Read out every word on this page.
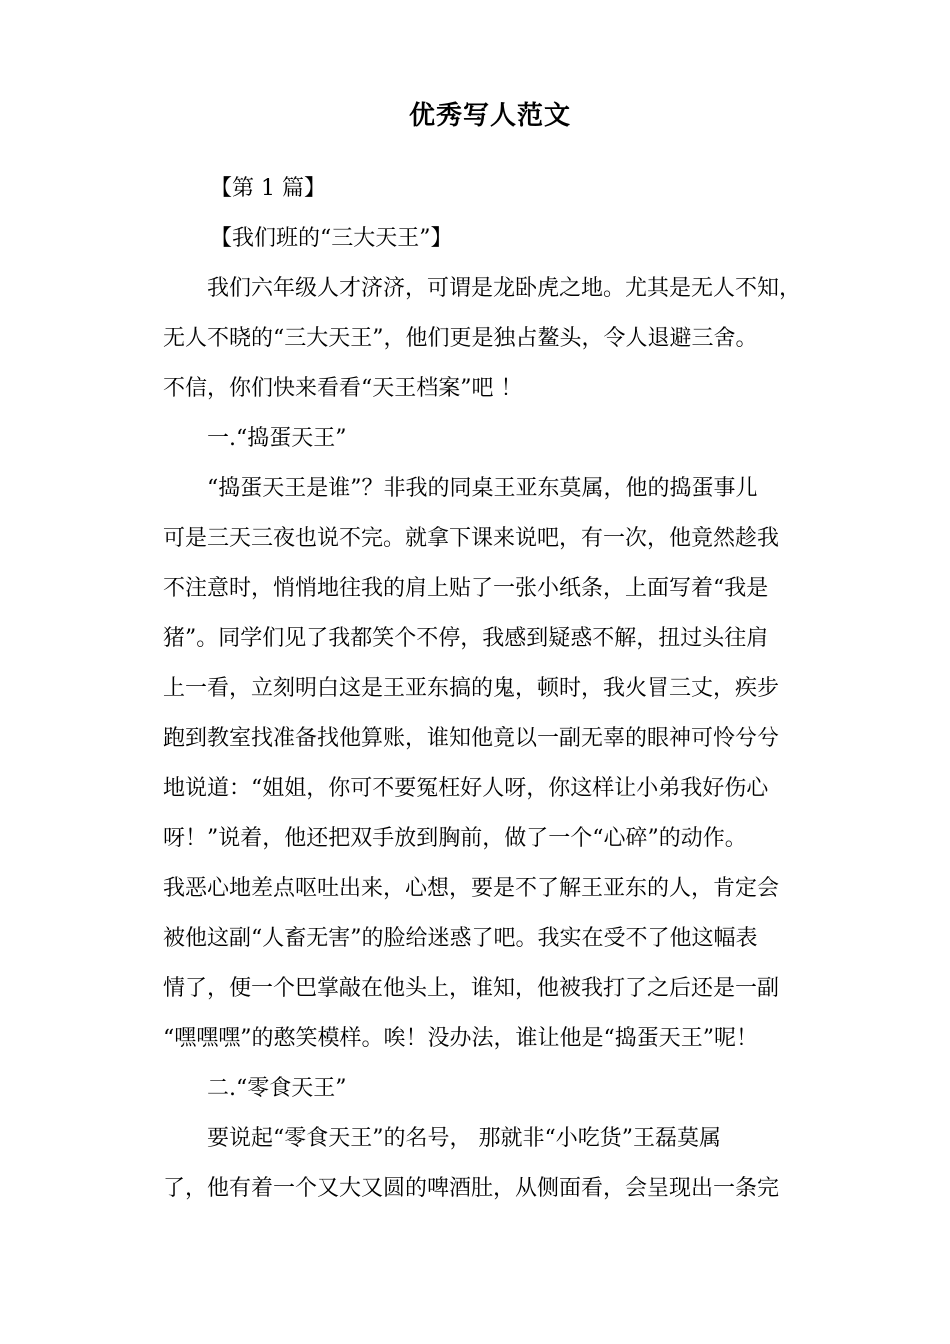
优秀写人范文
【第 1 篇】
【我们班的“三大天王”】
我们六年级人才济济，可谓是龙卧虎之地。尤其是无人不知，
无人不晓的“三大天王”，他们更是独占鳌头，令人退避三舍。
不信，你们快来看看“天王档案”吧 ！
一.“捣蛋天王”
“捣蛋天王是谁”？非我的同桌王亚东莫属，他的捣蛋事儿
可是三天三夜也说不完。就拿下课来说吧，有一次，他竟然趁我
不注意时，悄悄地往我的肩上贴了一张小纸条，上面写着“我是
猪”。同学们见了我都笑个不停，我感到疑惑不解，扭过头往肩
上一看，立刻明白这是王亚东搞的鬼，顿时，我火冒三丈，疾步
跑到教室找准备找他算账，谁知他竟以一副无辜的眼神可怜兮兮
地说道：“姐姐，你可不要冤枉好人呀，你这样让小弟我好伤心
呀！”说着，他还把双手放到胸前，做了一个“心碎”的动作。
我恶心地差点呕吐出来，心想，要是不了解王亚东的人，肯定会
被他这副“人畜无害”的脸给迷惑了吧。我实在受不了他这幅表
情了，便一个巴掌敲在他头上，谁知，他被我打了之后还是一副
“嘿嘿嘿”的憨笑模样。唉！没办法，谁让他是“捣蛋天王”呢！
二.“零食天王”
要说起“零食天王”的名号， 那就非“小吃货”王磊莫属
了，他有着一个又大又圆的啤酒肚，从侧面看，会呈现出一条完
